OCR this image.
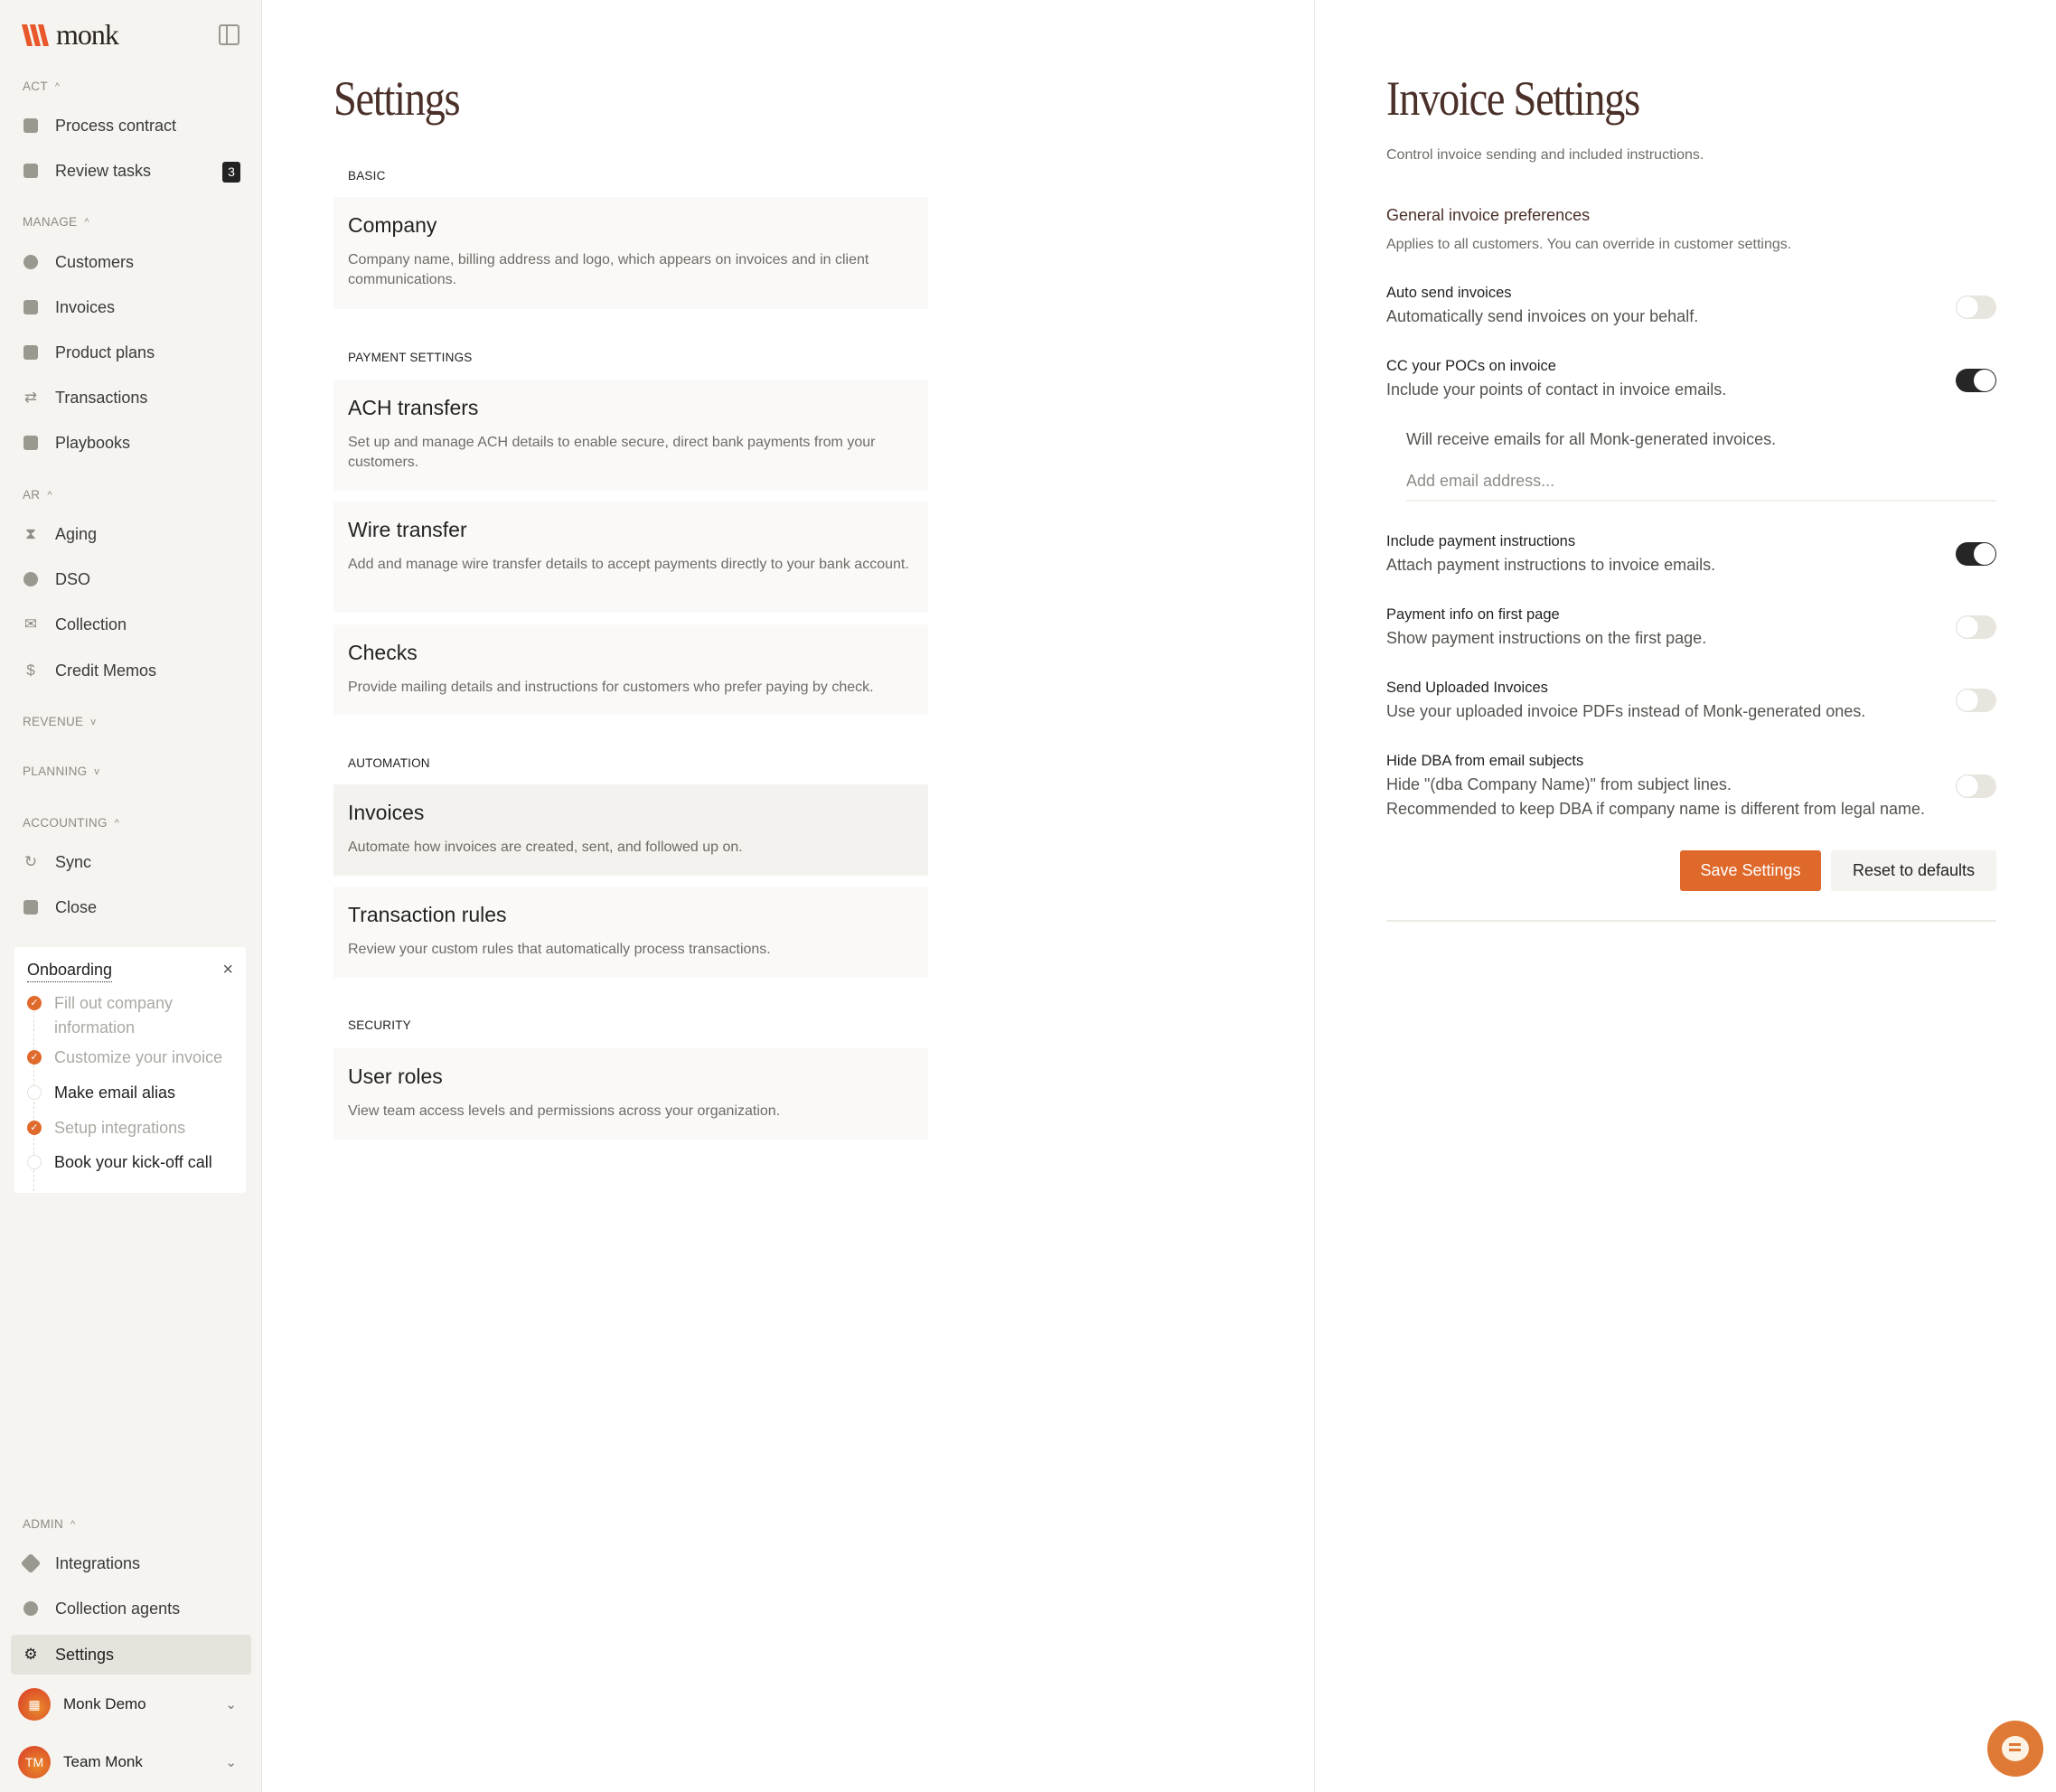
monk
ACT ^
Process contract
Review tasks	3
MANAGE ^
Customers
Invoices
Product plans
⇄ Transactions
Playbooks
AR ^
⧗ Aging
DSO
✉ Collection
$ Credit Memos
REVENUE v
PLANNING v
ACCOUNTING ^
↻ Sync
Close
Onboarding	×
✓ Fill out company information
✓ Customize your invoice
Make email alias
✓ Setup integrations
Book your kick-off call
ADMIN ^
Integrations
Collection agents
⚙ Settings
▦	Monk Demo	⌄
TM	Team Monk	⌄
Settings
BASIC
Company
Company name, billing address and logo, which appears on invoices and in client communications.
PAYMENT SETTINGS
ACH transfers
Set up and manage ACH details to enable secure, direct bank payments from your customers.
Wire transfer
Add and manage wire transfer details to accept payments directly to your bank account.
Checks
Provide mailing details and instructions for customers who prefer paying by check.
AUTOMATION
Invoices
Automate how invoices are created, sent, and followed up on.
Transaction rules
Review your custom rules that automatically process transactions.
SECURITY
User roles
View team access levels and permissions across your organization.
Invoice Settings
Control invoice sending and included instructions.
General invoice preferences
Applies to all customers. You can override in customer settings.
Auto send invoices
Automatically send invoices on your behalf.
CC your POCs on invoice
Include your points of contact in invoice emails.
Will receive emails for all Monk-generated invoices.
Add email address...
Include payment instructions
Attach payment instructions to invoice emails.
Payment info on first page
Show payment instructions on the first page.
Send Uploaded Invoices
Use your uploaded invoice PDFs instead of Monk-generated ones.
Hide DBA from email subjects
Hide "(dba Company Name)" from subject lines.
Recommended to keep DBA if company name is different from legal name.
Save Settings	Reset to defaults
